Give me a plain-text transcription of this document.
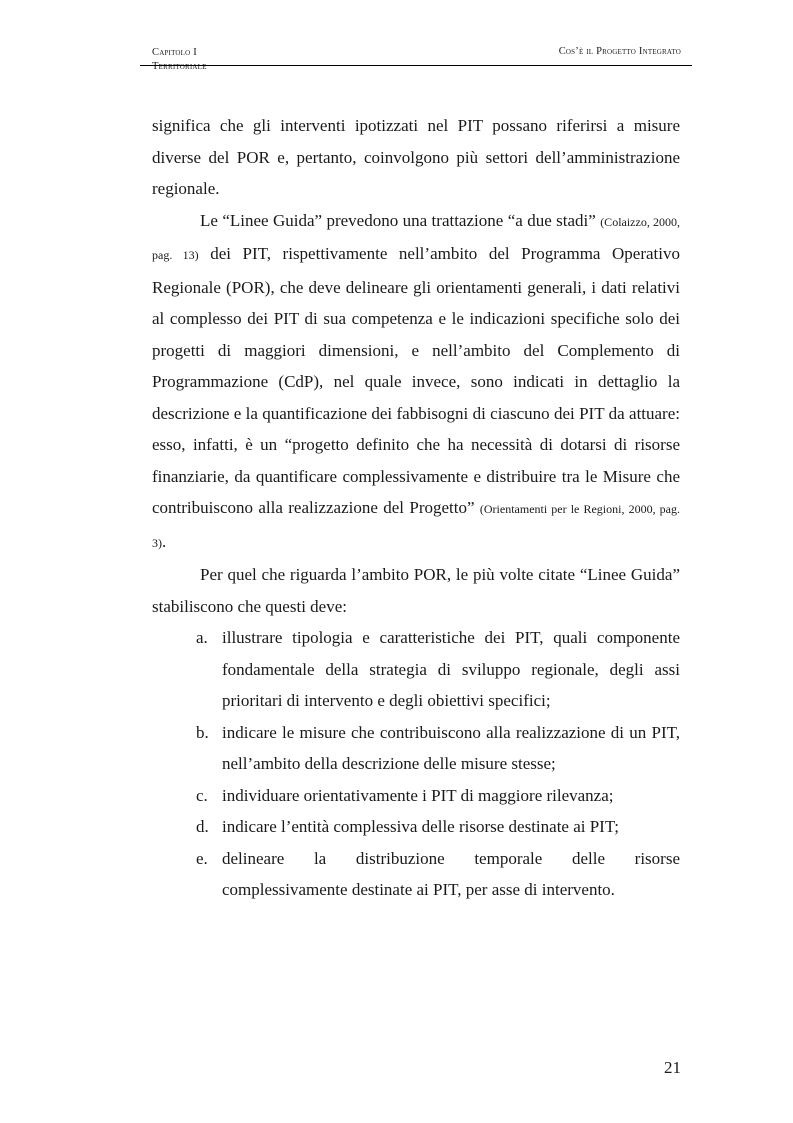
Capitolo I
Territoriale
Cos’è il Progetto Integrato

significa che gli interventi ipotizzati nel PIT possano riferirsi a misure diverse del POR e, pertanto, coinvolgono più settori dell’amministrazione regionale.

Le “Linee Guida” prevedono una trattazione “a due stadi” (Colaizzo, 2000, pag. 13) dei PIT, rispettivamente nell’ambito del Programma Operativo Regionale (POR), che deve delineare gli orientamenti generali, i dati relativi al complesso dei PIT di sua competenza e le indicazioni specifiche solo dei progetti di maggiori dimensioni, e nell’ambito del Complemento di Programmazione (CdP), nel quale invece, sono indicati in dettaglio la descrizione e la quantificazione dei fabbisogni di ciascuno dei PIT da attuare: esso, infatti, è un “progetto definito che ha necessità di dotarsi di risorse finanziarie, da quantificare complessivamente e distribuire tra le Misure che contribuiscono alla realizzazione del Progetto” (Orientamenti per le Regioni, 2000, pag. 3).

Per quel che riguarda l’ambito POR, le più volte citate “Linee Guida” stabiliscono che questi deve:

a. illustrare tipologia e caratteristiche dei PIT, quali componente fondamentale della strategia di sviluppo regionale, degli assi prioritari di intervento e degli obiettivi specifici;
b. indicare le misure che contribuiscono alla realizzazione di un PIT, nell’ambito della descrizione delle misure stesse;
c. individuare orientativamente i PIT di maggiore rilevanza;
d. indicare l’entità complessiva delle risorse destinate ai PIT;
e. delineare la distribuzione temporale delle risorse complessivamente destinate ai PIT, per asse di intervento.
21
